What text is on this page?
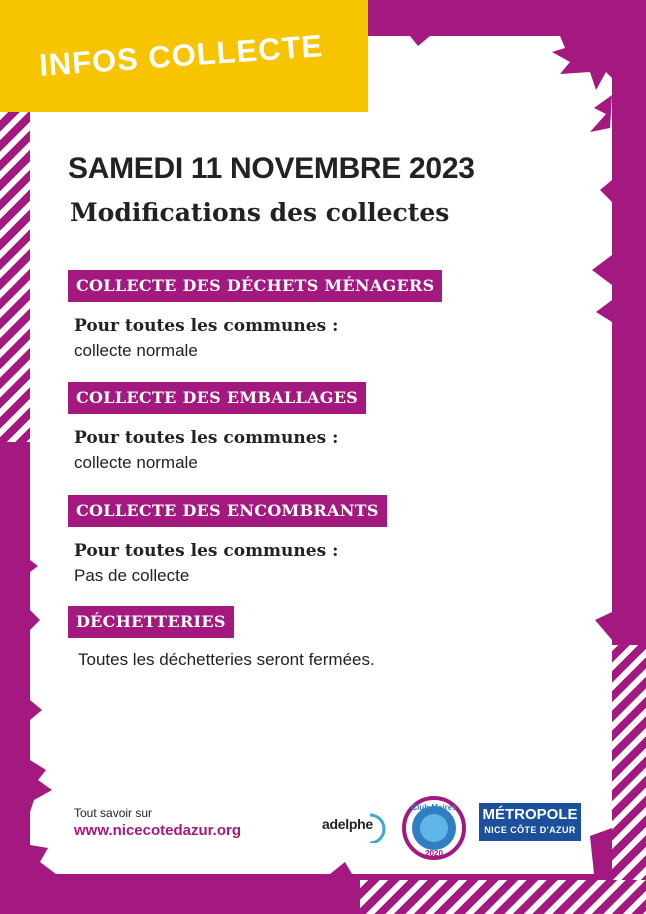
INFOS COLLECTE
SAMEDI 11 NOVEMBRE 2023
Modifications des collectes
COLLECTE DES DÉCHETS MÉNAGERS
Pour toutes les communes :
collecte normale
COLLECTE DES EMBALLAGES
Pour toutes les communes :
collecte normale
COLLECTE DES ENCOMBRANTS
Pour toutes les communes :
Pas de collecte
DÉCHETTERIES
Toutes les déchetteries seront fermées.
Tout savoir sur
www.nicecotedazur.org	adelphe
Club Maires
2020
MÉTROPOLE
NICE CÔTE D'AZUR
